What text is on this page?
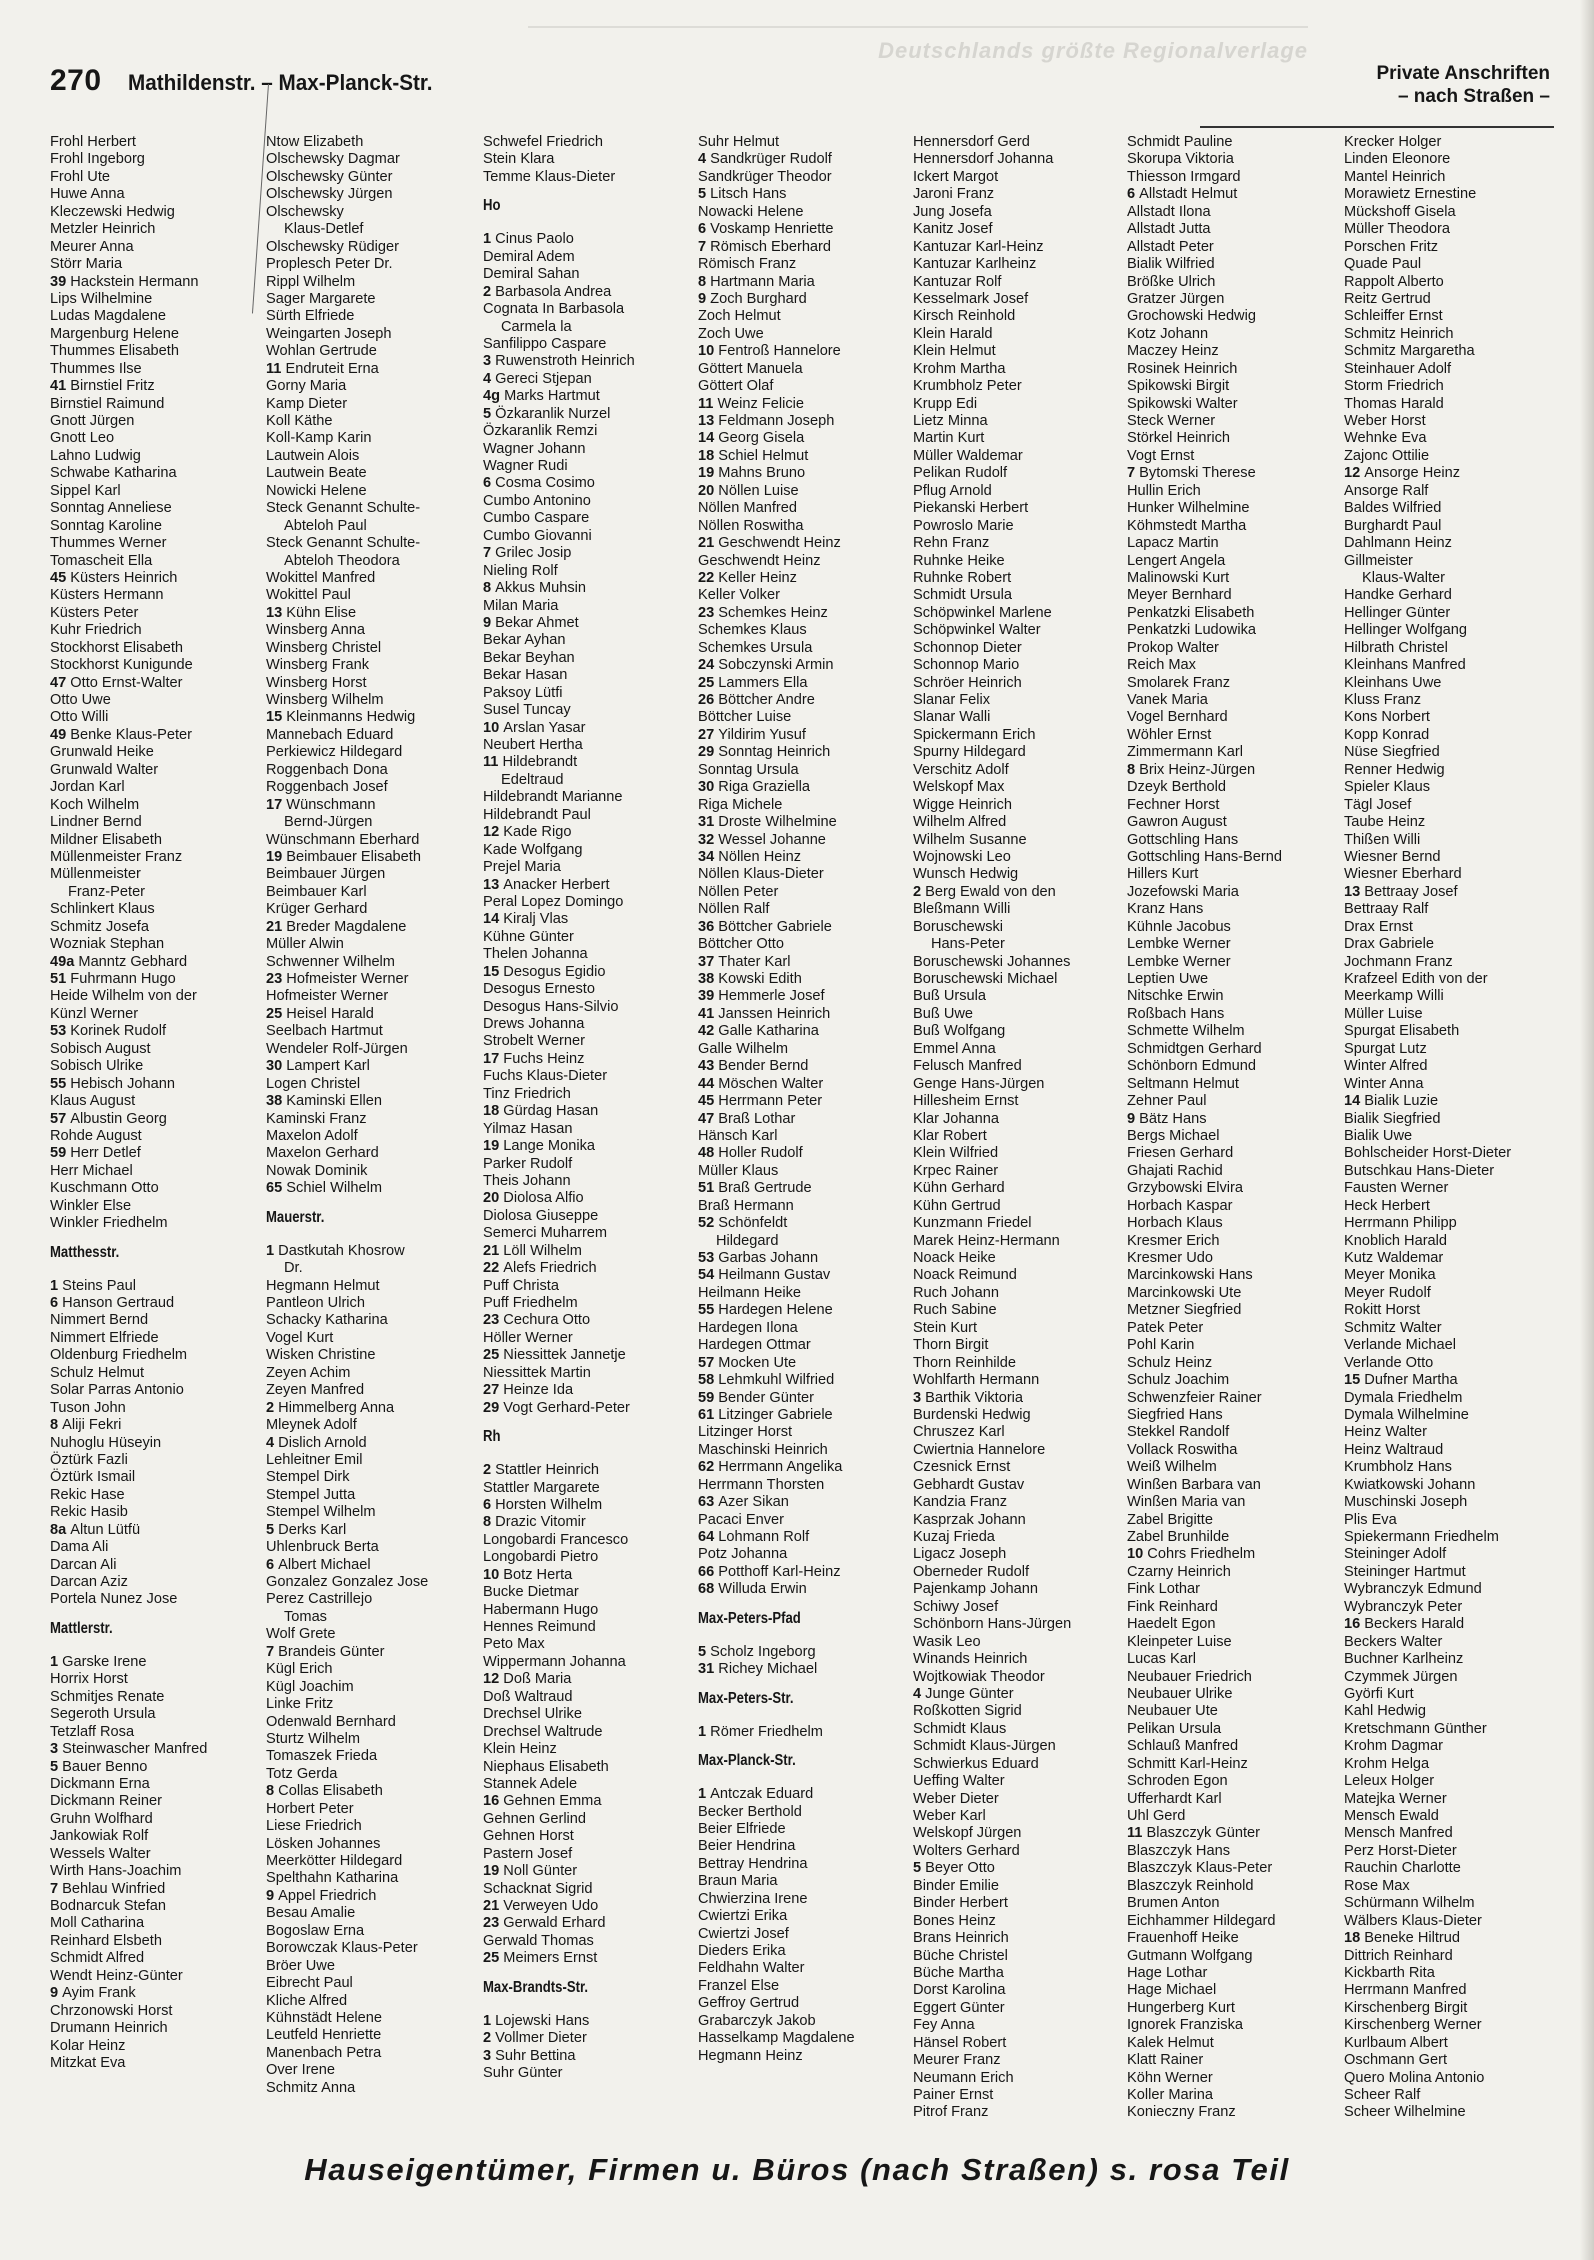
Deutschlands größte Regionalverlage
270 Mathildenstr. – Max-Planck-Str.	Private Anschriften
– nach Straßen –
Frohl Herbert
Frohl Ingeborg
Frohl Ute
Huwe Anna
Kleczewski Hedwig
Metzler Heinrich
Meurer Anna
Störr Maria
39 Hackstein Hermann
Lips Wilhelmine
Ludas Magdalene
Margenburg Helene
Thummes Elisabeth
Thummes Ilse
41 Birnstiel Fritz
Birnstiel Raimund
Gnott Jürgen
Gnott Leo
Lahno Ludwig
Schwabe Katharina
Sippel Karl
Sonntag Anneliese
Sonntag Karoline
Thummes Werner
Tomascheit Ella
45 Küsters Heinrich
Küsters Hermann
Küsters Peter
Kuhr Friedrich
Stockhorst Elisabeth
Stockhorst Kunigunde
47 Otto Ernst-Walter
Otto Uwe
Otto Willi
49 Benke Klaus-Peter
Grunwald Heike
Grunwald Walter
Jordan Karl
Koch Wilhelm
Lindner Bernd
Mildner Elisabeth
Müllenmeister Franz
Müllenmeister
Franz-Peter
Schlinkert Klaus
Schmitz Josefa
Wozniak Stephan
49a Manntz Gebhard
51 Fuhrmann Hugo
Heide Wilhelm von der
Künzl Werner
53 Korinek Rudolf
Sobisch August
Sobisch Ulrike
55 Hebisch Johann
Klaus August
57 Albustin Georg
Rohde August
59 Herr Detlef
Herr Michael
Kuschmann Otto
Winkler Else
Winkler Friedhelm
Matthesstr.
1 Steins Paul
6 Hanson Gertraud
Nimmert Bernd
Nimmert Elfriede
Oldenburg Friedhelm
Schulz Helmut
Solar Parras Antonio
Tuson John
8 Aliji Fekri
Nuhoglu Hüseyin
Öztürk Fazli
Öztürk Ismail
Rekic Hase
Rekic Hasib
8a Altun Lütfü
Dama Ali
Darcan Ali
Darcan Aziz
Portela Nunez Jose
Mattlerstr.
1 Garske Irene
Horrix Horst
Schmitjes Renate
Segeroth Ursula
Tetzlaff Rosa
3 Steinwascher Manfred
5 Bauer Benno
Dickmann Erna
Dickmann Reiner
Gruhn Wolfhard
Jankowiak Rolf
Wessels Walter
Wirth Hans-Joachim
7 Behlau Winfried
Bodnarcuk Stefan
Moll Catharina
Reinhard Elsbeth
Schmidt Alfred
Wendt Heinz-Günter
9 Ayim Frank
Chrzonowski Horst
Drumann Heinrich
Kolar Heinz
Mitzkat Eva
Ntow Elizabeth
Olschewsky Dagmar
Olschewsky Günter
Olschewsky Jürgen
Olschewsky
Klaus-Detlef
Olschewsky Rüdiger
Proplesch Peter Dr.
Rippl Wilhelm
Sager Margarete
Sürth Elfriede
Weingarten Joseph
Wohlan Gertrude
11 Endruteit Erna
Gorny Maria
Kamp Dieter
Koll Käthe
Koll-Kamp Karin
Lautwein Alois
Lautwein Beate
Nowicki Helene
Steck Genannt Schulte-
Abteloh Paul
Steck Genannt Schulte-
Abteloh Theodora
Wokittel Manfred
Wokittel Paul
13 Kühn Elise
Winsberg Anna
Winsberg Christel
Winsberg Frank
Winsberg Horst
Winsberg Wilhelm
15 Kleinmanns Hedwig
Mannebach Eduard
Perkiewicz Hildegard
Roggenbach Dona
Roggenbach Josef
17 Wünschmann
Bernd-Jürgen
Wünschmann Eberhard
19 Beimbauer Elisabeth
Beimbauer Jürgen
Beimbauer Karl
Krüger Gerhard
21 Breder Magdalene
Müller Alwin
Schwenner Wilhelm
23 Hofmeister Werner
Hofmeister Werner
25 Heisel Harald
Seelbach Hartmut
Wendeler Rolf-Jürgen
30 Lampert Karl
Logen Christel
38 Kaminski Ellen
Kaminski Franz
Maxelon Adolf
Maxelon Gerhard
Nowak Dominik
65 Schiel Wilhelm
Mauerstr.
1 Dastkutah Khosrow
Dr.
Hegmann Helmut
Pantleon Ulrich
Schacky Katharina
Vogel Kurt
Wisken Christine
Zeyen Achim
Zeyen Manfred
2 Himmelberg Anna
Mleynek Adolf
4 Dislich Arnold
Lehleitner Emil
Stempel Dirk
Stempel Jutta
Stempel Wilhelm
5 Derks Karl
Uhlenbruck Berta
6 Albert Michael
Gonzalez Gonzalez Jose
Perez Castrillejo
Tomas
Wolf Grete
7 Brandeis Günter
Kügl Erich
Kügl Joachim
Linke Fritz
Odenwald Bernhard
Sturtz Wilhelm
Tomaszek Frieda
Totz Gerda
8 Collas Elisabeth
Horbert Peter
Liese Friedrich
Lösken Johannes
Meerkötter Hildegard
Spelthahn Katharina
9 Appel Friedrich
Besau Amalie
Bogoslaw Erna
Borowczak Klaus-Peter
Bröer Uwe
Eibrecht Paul
Kliche Alfred
Kühnstädt Helene
Leutfeld Henriette
Manenbach Petra
Over Irene
Schmitz Anna
Schwefel Friedrich
Stein Klara
Temme Klaus-Dieter
Ho
1 Cinus Paolo
Demiral Adem
Demiral Sahan
2 Barbasola Andrea
Cognata In Barbasola
Carmela la
Sanfilippo Caspare
3 Ruwenstroth Heinrich
4 Gereci Stjepan
4g Marks Hartmut
5 Özkaranlik Nurzel
Özkaranlik Remzi
Wagner Johann
Wagner Rudi
6 Cosma Cosimo
Cumbo Antonino
Cumbo Caspare
Cumbo Giovanni
7 Grilec Josip
Nieling Rolf
8 Akkus Muhsin
Milan Maria
9 Bekar Ahmet
Bekar Ayhan
Bekar Beyhan
Bekar Hasan
Paksoy Lütfi
Susel Tuncay
10 Arslan Yasar
Neubert Hertha
11 Hildebrandt
Edeltraud
Hildebrandt Marianne
Hildebrandt Paul
12 Kade Rigo
Kade Wolfgang
Prejel Maria
13 Anacker Herbert
Peral Lopez Domingo
14 Kiralj Vlas
Kühne Günter
Thelen Johanna
15 Desogus Egidio
Desogus Ernesto
Desogus Hans-Silvio
Drews Johanna
Strobelt Werner
17 Fuchs Heinz
Fuchs Klaus-Dieter
Tinz Friedrich
18 Gürdag Hasan
Yilmaz Hasan
19 Lange Monika
Parker Rudolf
Theis Johann
20 Diolosa Alfio
Diolosa Giuseppe
Semerci Muharrem
21 Löll Wilhelm
22 Alefs Friedrich
Puff Christa
Puff Friedhelm
23 Cechura Otto
Höller Werner
25 Niessittek Jannetje
Niessittek Martin
27 Heinze Ida
29 Vogt Gerhard-Peter
Rh
2 Stattler Heinrich
Stattler Margarete
6 Horsten Wilhelm
8 Drazic Vitomir
Longobardi Francesco
Longobardi Pietro
10 Botz Herta
Bucke Dietmar
Habermann Hugo
Hennes Reimund
Peto Max
Wippermann Johanna
12 Doß Maria
Doß Waltraud
Drechsel Ulrike
Drechsel Waltrude
Klein Heinz
Niephaus Elisabeth
Stannek Adele
16 Gehnen Emma
Gehnen Gerlind
Gehnen Horst
Pastern Josef
19 Noll Günter
Schacknat Sigrid
21 Verweyen Udo
23 Gerwald Erhard
Gerwald Thomas
25 Meimers Ernst
Max-Brandts-Str.
1 Lojewski Hans
2 Vollmer Dieter
3 Suhr Bettina
Suhr Günter
Suhr Helmut
4 Sandkrüger Rudolf
Sandkrüger Theodor
5 Litsch Hans
Nowacki Helene
6 Voskamp Henriette
7 Römisch Eberhard
Römisch Franz
8 Hartmann Maria
9 Zoch Burghard
Zoch Helmut
Zoch Uwe
10 Fentroß Hannelore
Göttert Manuela
Göttert Olaf
11 Weinz Felicie
13 Feldmann Joseph
14 Georg Gisela
18 Schiel Helmut
19 Mahns Bruno
20 Nöllen Luise
Nöllen Manfred
Nöllen Roswitha
21 Geschwendt Heinz
Geschwendt Heinz
22 Keller Heinz
Keller Volker
23 Schemkes Heinz
Schemkes Klaus
Schemkes Ursula
24 Sobczynski Armin
25 Lammers Ella
26 Böttcher Andre
Böttcher Luise
27 Yildirim Yusuf
29 Sonntag Heinrich
Sonntag Ursula
30 Riga Graziella
Riga Michele
31 Droste Wilhelmine
32 Wessel Johanne
34 Nöllen Heinz
Nöllen Klaus-Dieter
Nöllen Peter
Nöllen Ralf
36 Böttcher Gabriele
Böttcher Otto
37 Thater Karl
38 Kowski Edith
39 Hemmerle Josef
41 Janssen Heinrich
42 Galle Katharina
Galle Wilhelm
43 Bender Bernd
44 Möschen Walter
45 Herrmann Peter
47 Braß Lothar
Hänsch Karl
48 Holler Rudolf
Müller Klaus
51 Braß Gertrude
Braß Hermann
52 Schönfeldt
Hildegard
53 Garbas Johann
54 Heilmann Gustav
Heilmann Heike
55 Hardegen Helene
Hardegen Ilona
Hardegen Ottmar
57 Mocken Ute
58 Lehmkuhl Wilfried
59 Bender Günter
61 Litzinger Gabriele
Litzinger Horst
Maschinski Heinrich
62 Herrmann Angelika
Herrmann Thorsten
63 Azer Sikan
Pacaci Enver
64 Lohmann Rolf
Potz Johanna
66 Potthoff Karl-Heinz
68 Willuda Erwin
Max-Peters-Pfad
5 Scholz Ingeborg
31 Richey Michael
Max-Peters-Str.
1 Römer Friedhelm
Max-Planck-Str.
1 Antczak Eduard
Becker Berthold
Beier Elfriede
Beier Hendrina
Bettray Hendrina
Braun Maria
Chwierzina Irene
Cwiertzi Erika
Cwiertzi Josef
Dieders Erika
Feldhahn Walter
Franzel Else
Geffroy Gertrud
Grabarczyk Jakob
Hasselkamp Magdalene
Hegmann Heinz
Hennersdorf Gerd
Hennersdorf Johanna
Ickert Margot
Jaroni Franz
Jung Josefa
Kanitz Josef
Kantuzar Karl-Heinz
Kantuzar Karlheinz
Kantuzar Rolf
Kesselmark Josef
Kirsch Reinhold
Klein Harald
Klein Helmut
Krohm Martha
Krumbholz Peter
Krupp Edi
Lietz Minna
Martin Kurt
Müller Waldemar
Pelikan Rudolf
Pflug Arnold
Piekanski Herbert
Powroslo Marie
Rehn Franz
Ruhnke Heike
Ruhnke Robert
Schmidt Ursula
Schöpwinkel Marlene
Schöpwinkel Walter
Schonnop Dieter
Schonnop Mario
Schröer Heinrich
Slanar Felix
Slanar Walli
Spickermann Erich
Spurny Hildegard
Verschitz Adolf
Welskopf Max
Wigge Heinrich
Wilhelm Alfred
Wilhelm Susanne
Wojnowski Leo
Wunsch Hedwig
2 Berg Ewald von den
Bleßmann Willi
Boruschewski
Hans-Peter
Boruschewski Johannes
Boruschewski Michael
Buß Ursula
Buß Uwe
Buß Wolfgang
Emmel Anna
Felusch Manfred
Genge Hans-Jürgen
Hillesheim Ernst
Klar Johanna
Klar Robert
Klein Wilfried
Krpec Rainer
Kühn Gerhard
Kühn Gertrud
Kunzmann Friedel
Marek Heinz-Hermann
Noack Heike
Noack Reimund
Ruch Johann
Ruch Sabine
Stein Kurt
Thorn Birgit
Thorn Reinhilde
Wohlfarth Hermann
3 Barthik Viktoria
Burdenski Hedwig
Chruszez Karl
Cwiertnia Hannelore
Czesnick Ernst
Gebhardt Gustav
Kandzia Franz
Kasprzak Johann
Kuzaj Frieda
Ligacz Joseph
Oberneder Rudolf
Pajenkamp Johann
Schiwy Josef
Schönborn Hans-Jürgen
Wasik Leo
Winands Heinrich
Wojtkowiak Theodor
4 Junge Günter
Roßkotten Sigrid
Schmidt Klaus
Schmidt Klaus-Jürgen
Schwierkus Eduard
Ueffing Walter
Weber Dieter
Weber Karl
Welskopf Jürgen
Wolters Gerhard
5 Beyer Otto
Binder Emilie
Binder Herbert
Bones Heinz
Brans Heinrich
Büche Christel
Büche Martha
Dorst Karolina
Eggert Günter
Fey Anna
Hänsel Robert
Meurer Franz
Neumann Erich
Painer Ernst
Pitrof Franz
Schmidt Pauline
Skorupa Viktoria
Thiesson Irmgard
6 Allstadt Helmut
Allstadt Ilona
Allstadt Jutta
Allstadt Peter
Bialik Wilfried
Brößke Ulrich
Gratzer Jürgen
Grochowski Hedwig
Kotz Johann
Maczey Heinz
Rosinek Heinrich
Spikowski Birgit
Spikowski Walter
Steck Werner
Störkel Heinrich
Vogt Ernst
7 Bytomski Therese
Hullin Erich
Hunker Wilhelmine
Köhmstedt Martha
Lapacz Martin
Lengert Angela
Malinowski Kurt
Meyer Bernhard
Penkatzki Elisabeth
Penkatzki Ludowika
Prokop Walter
Reich Max
Smolarek Franz
Vanek Maria
Vogel Bernhard
Wöhler Ernst
Zimmermann Karl
8 Brix Heinz-Jürgen
Dzeyk Berthold
Fechner Horst
Gawron August
Gottschling Hans
Gottschling Hans-Bernd
Hillers Kurt
Jozefowski Maria
Kranz Hans
Kühnle Jacobus
Lembke Werner
Lembke Werner
Leptien Uwe
Nitschke Erwin
Roßbach Hans
Schmette Wilhelm
Schmidtgen Gerhard
Schönborn Edmund
Seltmann Helmut
Zehner Paul
9 Bätz Hans
Bergs Michael
Friesen Gerhard
Ghajati Rachid
Grzybowski Elvira
Horbach Kaspar
Horbach Klaus
Kresmer Erich
Kresmer Udo
Marcinkowski Hans
Marcinkowski Ute
Metzner Siegfried
Patek Peter
Pohl Karin
Schulz Heinz
Schulz Joachim
Schwenzfeier Rainer
Siegfried Hans
Stekkel Randolf
Vollack Roswitha
Weiß Wilhelm
Winßen Barbara van
Winßen Maria van
Zabel Brigitte
Zabel Brunhilde
10 Cohrs Friedhelm
Czarny Heinrich
Fink Lothar
Fink Reinhard
Haedelt Egon
Kleinpeter Luise
Lucas Karl
Neubauer Friedrich
Neubauer Ulrike
Neubauer Ute
Pelikan Ursula
Schlauß Manfred
Schmitt Karl-Heinz
Schroden Egon
Ufferhardt Karl
Uhl Gerd
11 Blaszczyk Günter
Blaszczyk Hans
Blaszczyk Klaus-Peter
Blaszczyk Reinhold
Brumen Anton
Eichhammer Hildegard
Frauenhoff Heike
Gutmann Wolfgang
Hage Lothar
Hage Michael
Hungerberg Kurt
Ignorek Franziska
Kalek Helmut
Klatt Rainer
Köhn Werner
Koller Marina
Konieczny Franz
Krecker Holger
Linden Eleonore
Mantel Heinrich
Morawietz Ernestine
Mückshoff Gisela
Müller Theodora
Porschen Fritz
Quade Paul
Rappolt Alberto
Reitz Gertrud
Schleiffer Ernst
Schmitz Heinrich
Schmitz Margaretha
Steinhauer Adolf
Storm Friedrich
Thomas Harald
Weber Horst
Wehnke Eva
Zajonc Ottilie
12 Ansorge Heinz
Ansorge Ralf
Baldes Wilfried
Burghardt Paul
Dahlmann Heinz
Gillmeister
Klaus-Walter
Handke Gerhard
Hellinger Günter
Hellinger Wolfgang
Hilbrath Christel
Kleinhans Manfred
Kleinhans Uwe
Kluss Franz
Kons Norbert
Kopp Konrad
Nüse Siegfried
Renner Hedwig
Spieler Klaus
Tägl Josef
Taube Heinz
Thißen Willi
Wiesner Bernd
Wiesner Eberhard
13 Bettraay Josef
Bettraay Ralf
Drax Ernst
Drax Gabriele
Jochmann Franz
Krafzeel Edith von der
Meerkamp Willi
Müller Luise
Spurgat Elisabeth
Spurgat Lutz
Winter Alfred
Winter Anna
14 Bialik Luzie
Bialik Siegfried
Bialik Uwe
Bohlscheider Horst-Dieter
Butschkau Hans-Dieter
Fausten Werner
Heck Herbert
Herrmann Philipp
Knoblich Harald
Kutz Waldemar
Meyer Monika
Meyer Rudolf
Rokitt Horst
Schmitz Walter
Verlande Michael
Verlande Otto
15 Dufner Martha
Dymala Friedhelm
Dymala Wilhelmine
Heinz Walter
Heinz Waltraud
Krumbholz Hans
Kwiatkowski Johann
Muschinski Joseph
Plis Eva
Spiekermann Friedhelm
Steininger Adolf
Steininger Hartmut
Wybranczyk Edmund
Wybranczyk Peter
16 Beckers Harald
Beckers Walter
Buchner Karlheinz
Czymmek Jürgen
Györfi Kurt
Kahl Hedwig
Kretschmann Günther
Krohm Dagmar
Krohm Helga
Leleux Holger
Matejka Werner
Mensch Ewald
Mensch Manfred
Perz Horst-Dieter
Rauchin Charlotte
Rose Max
Schürmann Wilhelm
Wälbers Klaus-Dieter
18 Beneke Hiltrud
Dittrich Reinhard
Kickbarth Rita
Herrmann Manfred
Kirschenberg Birgit
Kirschenberg Werner
Kurlbaum Albert
Oschmann Gert
Quero Molina Antonio
Scheer Ralf
Scheer Wilhelmine
Hauseigentümer, Firmen u. Büros (nach Straßen) s. rosa Teil
